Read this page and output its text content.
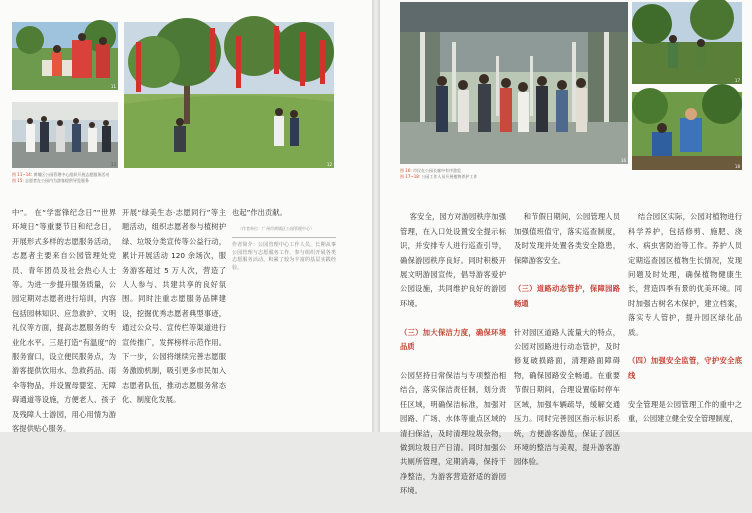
11
13	12
图 11~14: 黄埔区公园管理中心组织开展志愿服务活动
图 15: 志愿者在公园内为游客提供导览服务
中”。 在“学雷锋纪念日”“世界环境日”等重要节日和纪念日，开展形式多样的志愿服务活动，志愿者主要来自公园管理处党员、青年团员及社会热心人士等。为进一步提升服务质量，公园定期对志愿者进行培训，内容包括园林知识、应急救护、文明礼仪等方面，提高志愿服务的专业化水平。三是打造“有温度”的服务窗口，设立便民服务点，为游客提供饮用水、急救药品、雨伞等物品，并设置母婴室、无障碍通道等设施，方便老人、孩子及残障人士游园，用心用情为游客提供贴心服务。
开展“绿美生态·志愿同行”等主题活动，组织志愿者参与植树护绿、垃圾分类宣传等公益行动，累计开展活动 120 余场次，服务游客超过 5 万人次，营造了人人参与、共建共享的良好氛围。同时注重志愿服务品牌建设，挖掘优秀志愿者典型事迹，通过公众号、宣传栏等渠道进行宣传推广，发挥榜样示范作用。下一步，公园将继续完善志愿服务激励机制，吸引更多市民加入志愿者队伍，推动志愿服务常态化、制度化发展。
也起”作出贡献。
（作者单位：广州市黄埔区公园管理中心）
作者简介：公园管理中心工作人员，长期从事公园管理与志愿服务工作，参与组织开展各类志愿服务活动，积累了较为丰富的基层实践经验。
16
17
18
图 16: 市民在公园长廊中有序游览
图 17~18: 公园工作人员开展植物养护工作

客安全，园方对游园秩序加强管理，在入口处设置安全提示标识，并安排专人进行巡查引导，确保游园秩序良好。同时积极开展文明游园宣传，倡导游客爱护公园设施，共同维护良好的游园环境。

（三）加大保洁力度，确保环境品质

公园坚持日常保洁与专项整治相结合，落实保洁责任制，划分责任区域，明确保洁标准，加强对园路、广场、水体等重点区域的清扫保洁，及时清理垃圾杂物，做到垃圾日产日清。同时加强公共厕所管理，定期消毒，保持干净整洁，为游客营造舒适的游园环境。

和节假日期间，公园管理人员加强值班值守，落实巡查制度，及时发现并处置各类安全隐患，保障游客安全。

（三）道路动态管护，保障园路畅通

针对园区道路人流量大的特点，公园对园路进行动态管护，及时修复破损路面，清理路面障碍物，确保园路安全畅通。在重要节假日期间，合理设置临时停车区域，加强车辆疏导，缓解交通压力。同时完善园区指示标识系统，方便游客游览，保证了园区环境的整洁与美观，提升游客游园体验。

结合园区实际，公园对植物进行科学养护，包括修剪、施肥、浇水、病虫害防治等工作。养护人员定期巡查园区植物生长情况，发现问题及时处理，确保植物健康生长，营造四季有景的优美环境。同时加强古树名木保护，建立档案，落实专人管护，提升园区绿化品质。

（四）加强安全监管，守护安全底线

安全管理是公园管理工作的重中之重，公园建立健全安全管理制度，
